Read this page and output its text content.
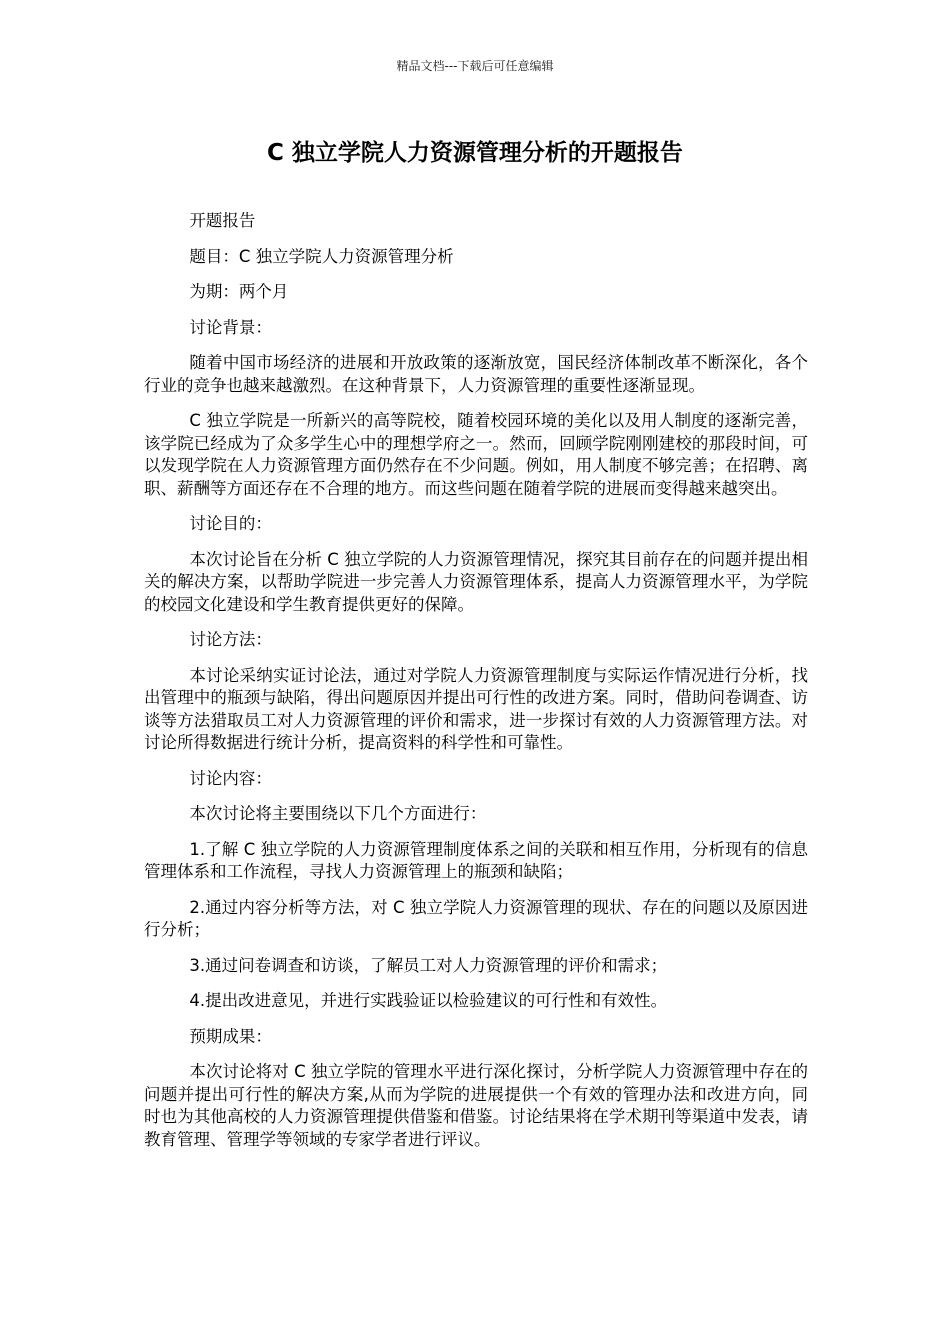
精品文档---下载后可任意编辑
C 独立学院人力资源管理分析的开题报告

开题报告

题目：C 独立学院人力资源管理分析

为期：两个月

讨论背景：

随着中国市场经济的进展和开放政策的逐渐放宽，国民经济体制改革不断深化，各个行业的竞争也越来越激烈。在这种背景下，人力资源管理的重要性逐渐显现。

C 独立学院是一所新兴的高等院校，随着校园环境的美化以及用人制度的逐渐完善，该学院已经成为了众多学生心中的理想学府之一。然而，回顾学院刚刚建校的那段时间，可以发现学院在人力资源管理方面仍然存在不少问题。例如，用人制度不够完善；在招聘、离职、薪酬等方面还存在不合理的地方。而这些问题在随着学院的进展而变得越来越突出。

讨论目的：

本次讨论旨在分析 C 独立学院的人力资源管理情况，探究其目前存在的问题并提出相关的解决方案，以帮助学院进一步完善人力资源管理体系，提高人力资源管理水平，为学院的校园文化建设和学生教育提供更好的保障。

讨论方法：

本讨论采纳实证讨论法，通过对学院人力资源管理制度与实际运作情况进行分析，找出管理中的瓶颈与缺陷，得出问题原因并提出可行性的改进方案。同时，借助问卷调查、访谈等方法猎取员工对人力资源管理的评价和需求，进一步探讨有效的人力资源管理方法。对讨论所得数据进行统计分析，提高资料的科学性和可靠性。

讨论内容：

本次讨论将主要围绕以下几个方面进行：

1.了解 C 独立学院的人力资源管理制度体系之间的关联和相互作用，分析现有的信息管理体系和工作流程，寻找人力资源管理上的瓶颈和缺陷；

2.通过内容分析等方法，对 C 独立学院人力资源管理的现状、存在的问题以及原因进行分析；

3.通过问卷调查和访谈，了解员工对人力资源管理的评价和需求；

4.提出改进意见，并进行实践验证以检验建议的可行性和有效性。

预期成果：

本次讨论将对 C 独立学院的管理水平进行深化探讨，分析学院人力资源管理中存在的问题并提出可行性的解决方案,从而为学院的进展提供一个有效的管理办法和改进方向，同时也为其他高校的人力资源管理提供借鉴和借鉴。讨论结果将在学术期刊等渠道中发表，请教育管理、管理学等领域的专家学者进行评议。
